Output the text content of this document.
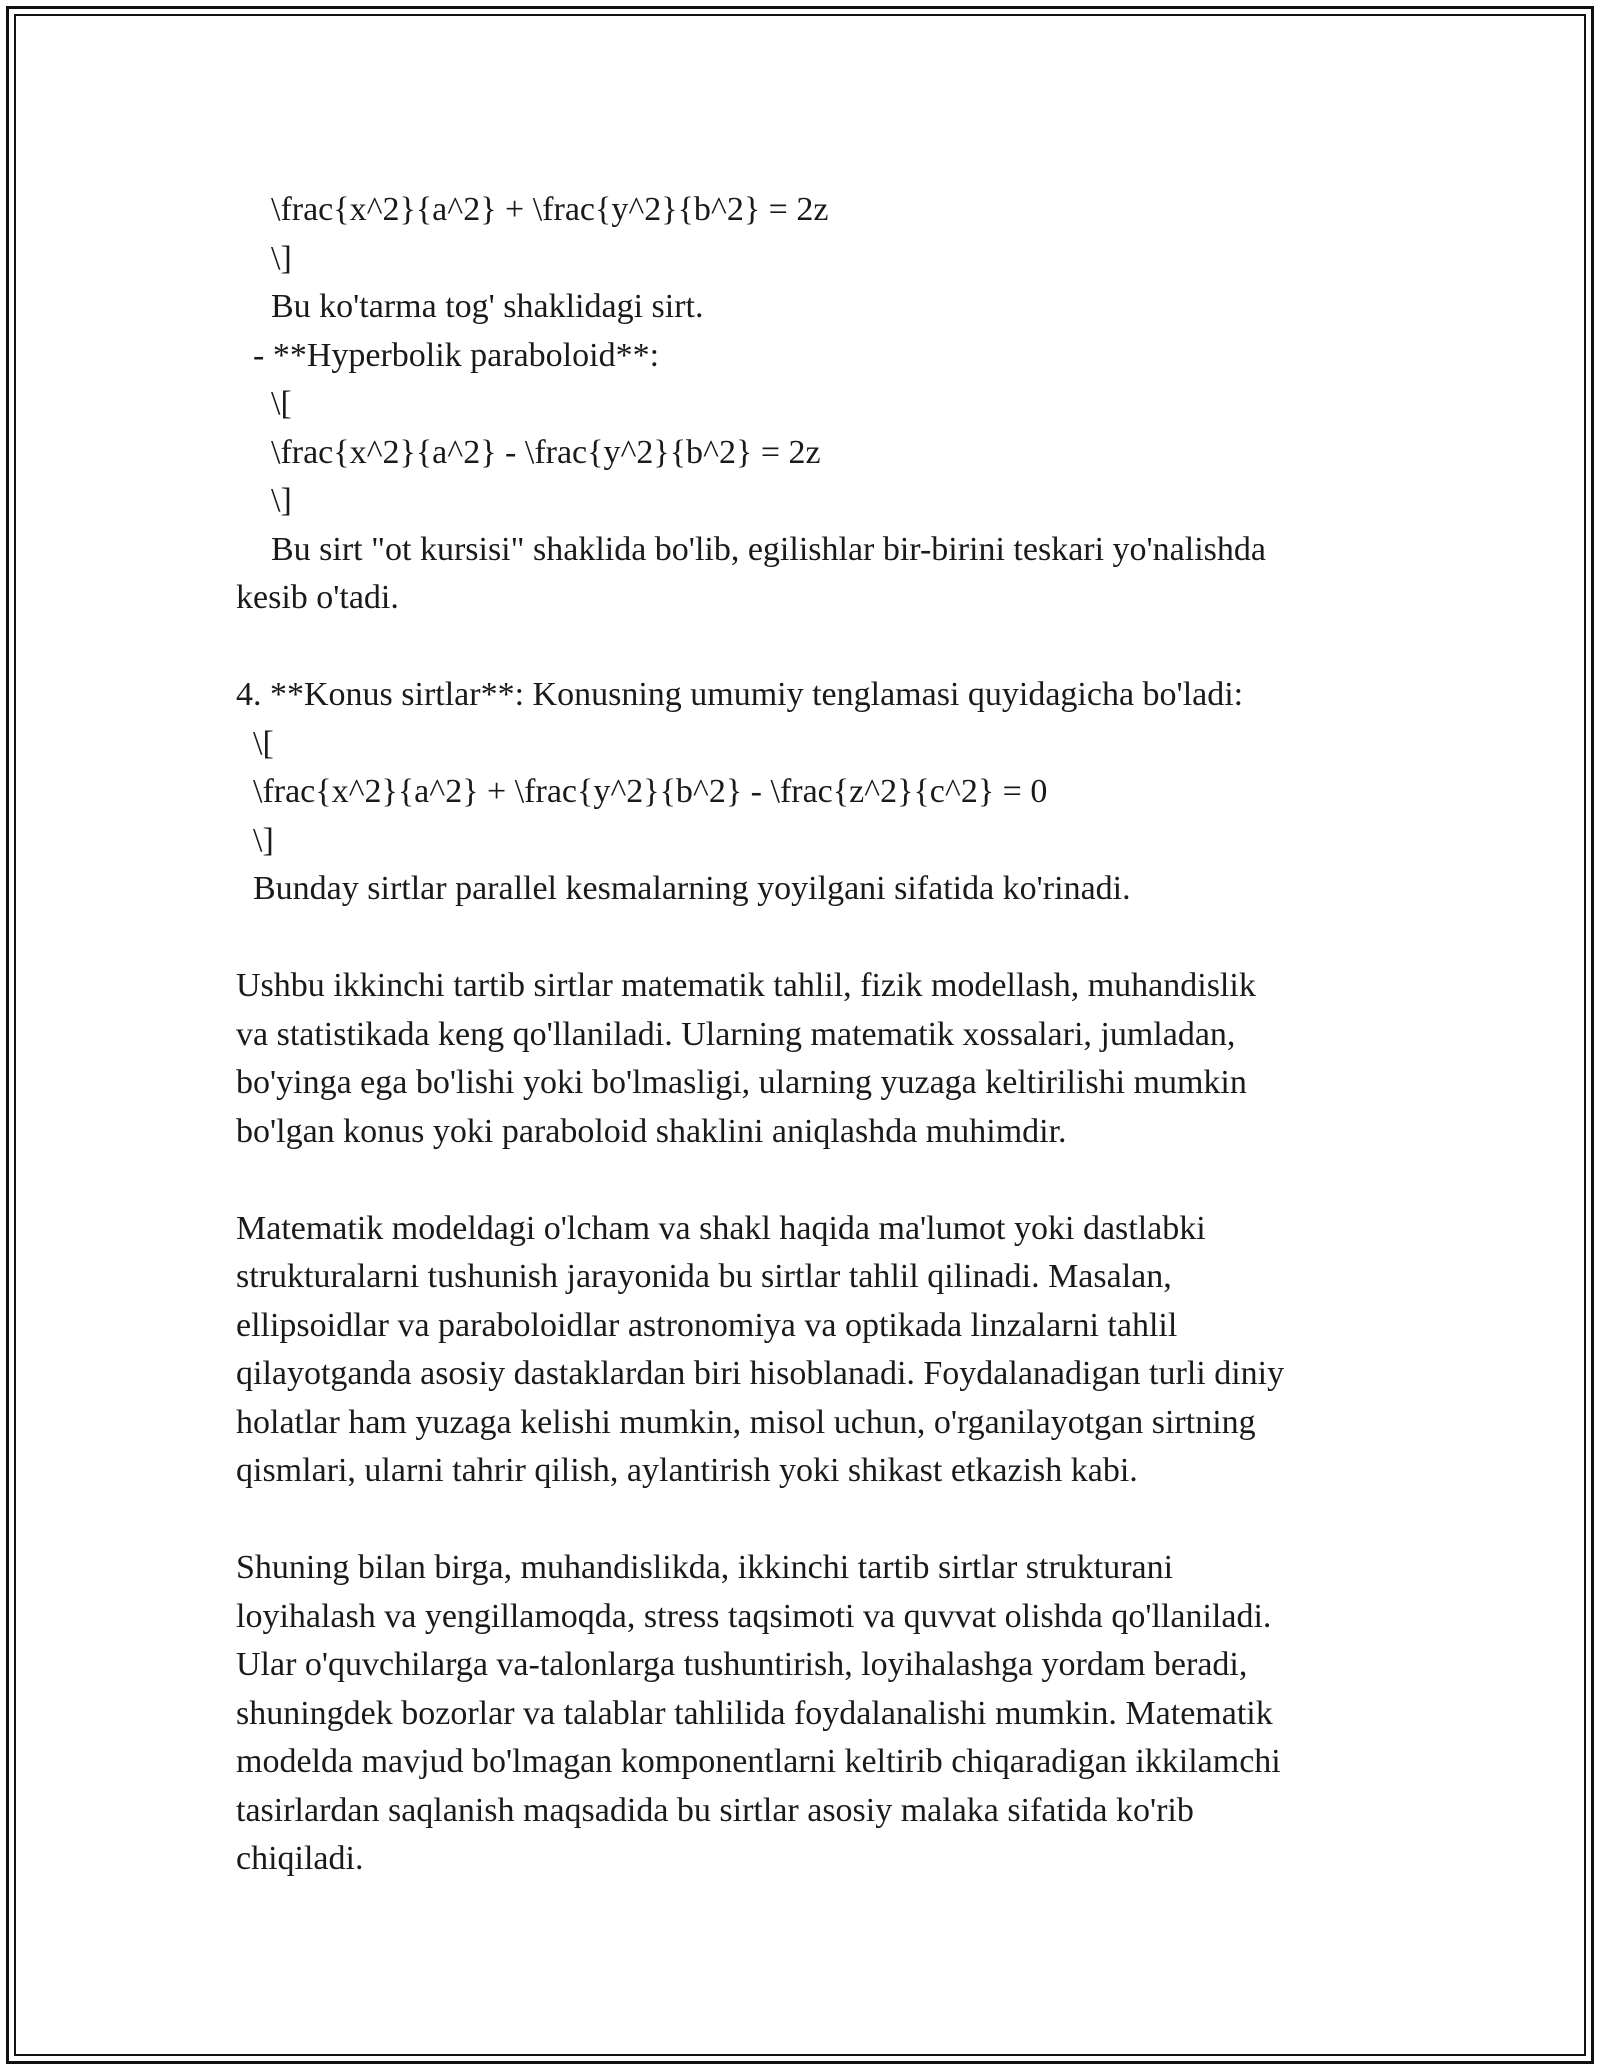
\frac{x^2}{a^2} + \frac{y^2}{b^2} = 2z
\]
Bu ko'tarma tog' shaklidagi sirt.
- **Hyperbolik paraboloid**:
\[
\frac{x^2}{a^2} - \frac{y^2}{b^2} = 2z
\]
Bu sirt "ot kursisi" shaklida bo'lib, egilishlar bir-birini teskari yo'nalishda
kesib o'tadi.
4. **Konus sirtlar**: Konusning umumiy tenglamasi quyidagicha bo'ladi:
\[
\frac{x^2}{a^2} + \frac{y^2}{b^2} - \frac{z^2}{c^2} = 0
\]
Bunday sirtlar parallel kesmalarning yoyilgani sifatida ko'rinadi.
Ushbu ikkinchi tartib sirtlar matematik tahlil, fizik modellash, muhandislik
va statistikada keng qo'llaniladi. Ularning matematik xossalari, jumladan,
bo'yinga ega bo'lishi yoki bo'lmasligi, ularning yuzaga keltirilishi mumkin
bo'lgan konus yoki paraboloid shaklini aniqlashda muhimdir.
Matematik modeldagi o'lcham va shakl haqida ma'lumot yoki dastlabki
strukturalarni tushunish jarayonida bu sirtlar tahlil qilinadi. Masalan,
ellipsoidlar va paraboloidlar astronomiya va optikada linzalarni tahlil
qilayotganda asosiy dastaklardan biri hisoblanadi. Foydalanadigan turli diniy
holatlar ham yuzaga kelishi mumkin, misol uchun, o'rganilayotgan sirtning
qismlari, ularni tahrir qilish, aylantirish yoki shikast etkazish kabi.
Shuning bilan birga, muhandislikda, ikkinchi tartib sirtlar strukturani
loyihalash va yengillamoqda, stress taqsimoti va quvvat olishda qo'llaniladi.
Ular o'quvchilarga va-talonlarga tushuntirish, loyihalashga yordam beradi,
shuningdek bozorlar va talablar tahlilida foydalanalishi mumkin. Matematik
modelda mavjud bo'lmagan komponentlarni keltirib chiqaradigan ikkilamchi
tasirlardan saqlanish maqsadida bu sirtlar asosiy malaka sifatida ko'rib
chiqiladi.
